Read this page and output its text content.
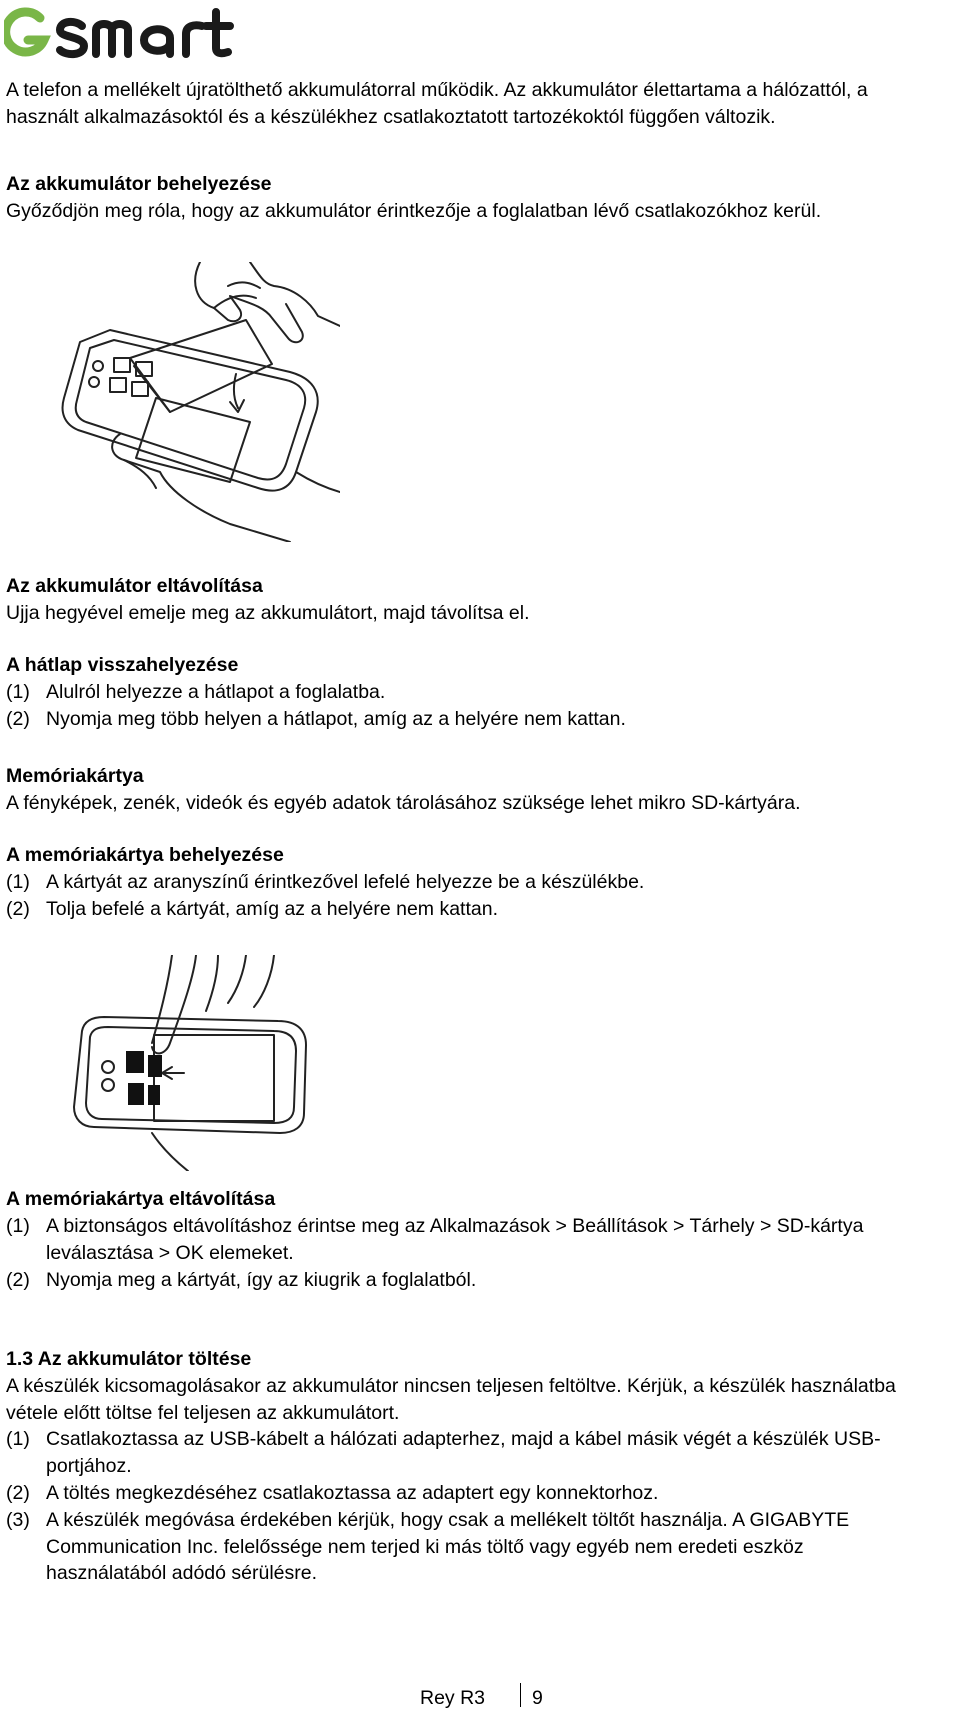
A telefon a mellékelt újratölthető akkumulátorral működik. Az akkumulátor élettartama a hálózattól, a használt alkalmazásoktól és a készülékhez csatlakoztatott tartozékoktól függően változik.
Az akkumulátor behelyezése
Győződjön meg róla, hogy az akkumulátor érintkezője a foglalatban lévő csatlakozókhoz kerül.
Az akkumulátor eltávolítása
Ujja hegyével emelje meg az akkumulátort, majd távolítsa el.
A hátlap visszahelyezése
(1) Alulról helyezze a hátlapot a foglalatba.
(2) Nyomja meg több helyen a hátlapot, amíg az a helyére nem kattan.
Memóriakártya
A fényképek, zenék, videók és egyéb adatok tárolásához szüksége lehet mikro SD-kártyára.
A memóriakártya behelyezése
(1) A kártyát az aranyszínű érintkezővel lefelé helyezze be a készülékbe.
(2) Tolja befelé a kártyát, amíg az a helyére nem kattan.
A memóriakártya eltávolítása
(1) A biztonságos eltávolításhoz érintse meg az Alkalmazások > Beállítások > Tárhely > SD-kártya leválasztása > OK elemeket.
(2) Nyomja meg a kártyát, így az kiugrik a foglalatból.
1.3 Az akkumulátor töltése
A készülék kicsomagolásakor az akkumulátor nincsen teljesen feltöltve. Kérjük, a készülék használatba vétele előtt töltse fel teljesen az akkumulátort.
(1) Csatlakoztassa az USB-kábelt a hálózati adapterhez, majd a kábel másik végét a készülék USB-portjához.
(2) A töltés megkezdéséhez csatlakoztassa az adaptert egy konnektorhoz.
(3) A készülék megóvása érdekében kérjük, hogy csak a mellékelt töltőt használja. A GIGABYTE Communication Inc. felelőssége nem terjed ki más töltő vagy egyéb nem eredeti eszköz használatából adódó sérülésre.
Rey R3 9
